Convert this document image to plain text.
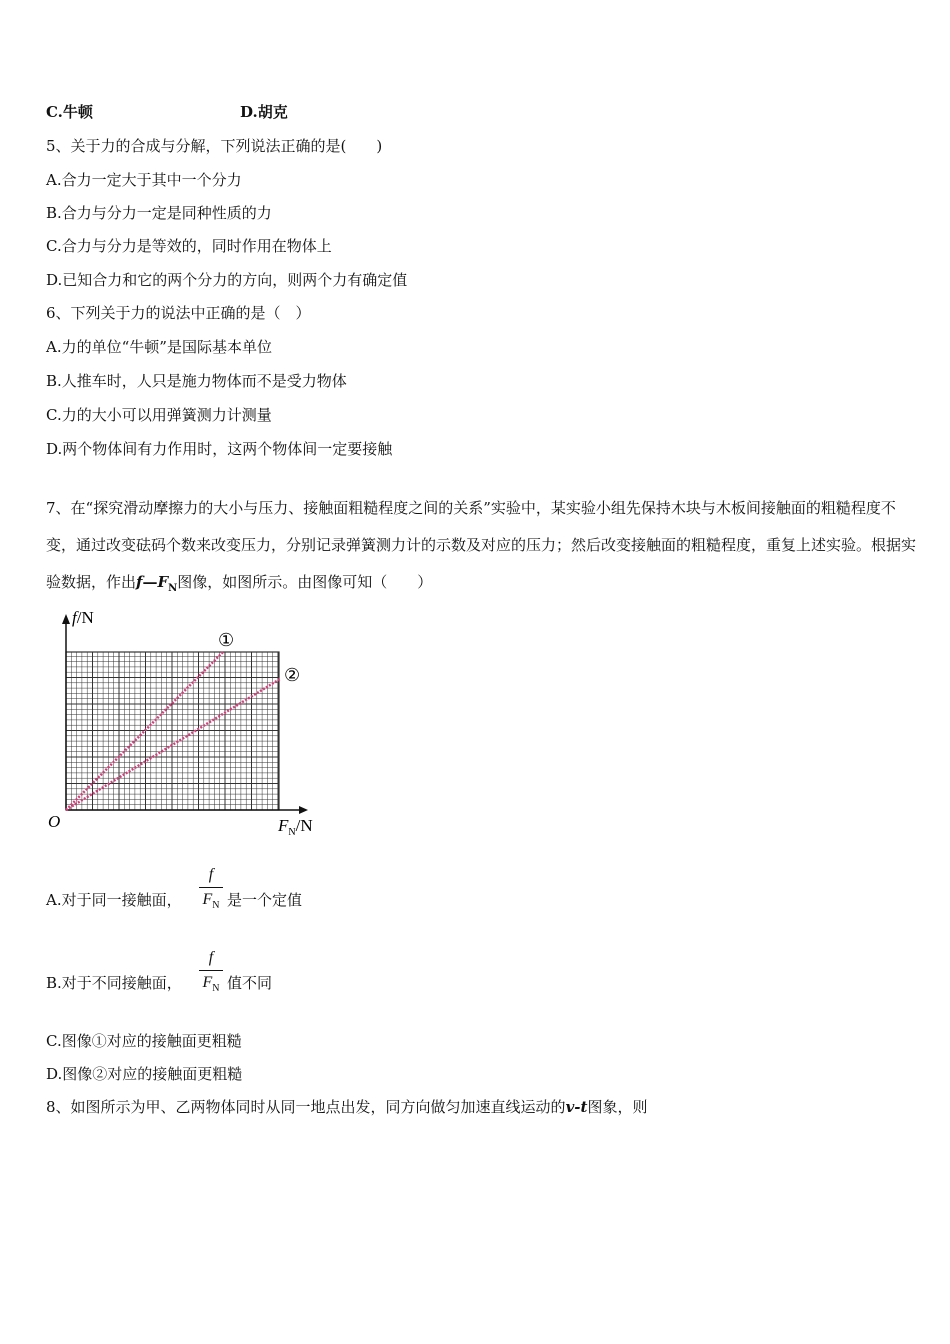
C.牛顿	D.胡克
5、关于力的合成与分解，下列说法正确的是(　　)
A.合力一定大于其中一个分力
B.合力与分力一定是同种性质的力
C.合力与分力是等效的，同时作用在物体上
D.已知合力和它的两个分力的方向，则两个力有确定值
6、下列关于力的说法中正确的是（　）
A.力的单位“牛顿”是国际基本单位
B.人推车时，人只是施力物体而不是受力物体
C.力的大小可以用弹簧测力计测量
D.两个物体间有力作用时，这两个物体间一定要接触
7、在“探究滑动摩擦力的大小与压力、接触面粗糙程度之间的关系”实验中，某实验小组先保持木块与木板间接触面的粗糙程度不变，通过改变砝码个数来改变压力，分别记录弹簧测力计的示数及对应的压力；然后改变接触面的粗糙程度，重复上述实验。根据实验数据，作出$f—F_N$图像，如图所示。由图像可知（　　）
f/N
$F_N/N$
O
①
②
A.对于同一接触面，
f
$F_N$ 是一个定值
B.对于不同接触面，
f
$F_N$ 值不同
C.图像①对应的接触面更粗糙
D.图像②对应的接触面更粗糙
8、如图所示为甲、乙两物体同时从同一地点出发，同方向做匀加速直线运动的v-t图象，则
